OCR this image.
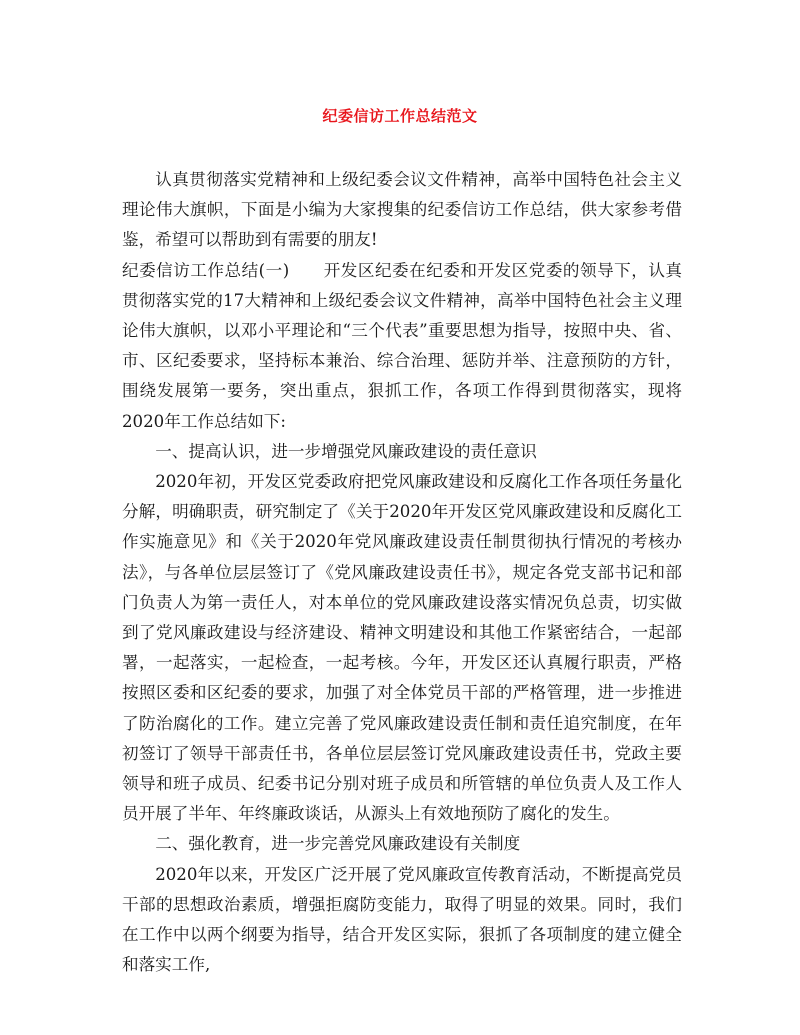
纪委信访工作总结范文

认真贯彻落实党精神和上级纪委会议文件精神，高举中国特色社会主义理论伟大旗帜，下面是小编为大家搜集的纪委信访工作总结，供大家参考借鉴，希望可以帮助到有需要的朋友!

纪委信访工作总结(一) 开发区纪委在纪委和开发区党委的领导下，认真贯彻落实党的17大精神和上级纪委会议文件精神，高举中国特色社会主义理论伟大旗帜，以邓小平理论和“三个代表”重要思想为指导，按照中央、省、市、区纪委要求，坚持标本兼治、综合治理、惩防并举、注意预防的方针，围绕发展第一要务，突出重点，狠抓工作，各项工作得到贯彻落实，现将2020年工作总结如下:

一、提高认识，进一步增强党风廉政建设的责任意识

2020年初，开发区党委政府把党风廉政建设和反腐化工作各项任务量化分解，明确职责，研究制定了《关于2020年开发区党风廉政建设和反腐化工作实施意见》和《关于2020年党风廉政建设责任制贯彻执行情况的考核办法》，与各单位层层签订了《党风廉政建设责任书》，规定各党支部书记和部门负责人为第一责任人，对本单位的党风廉政建设落实情况负总责，切实做到了党风廉政建设与经济建设、精神文明建设和其他工作紧密结合，一起部署，一起落实，一起检查，一起考核。今年，开发区还认真履行职责，严格按照区委和区纪委的要求，加强了对全体党员干部的严格管理，进一步推进了防治腐化的工作。建立完善了党风廉政建设责任制和责任追究制度，在年初签订了领导干部责任书，各单位层层签订党风廉政建设责任书，党政主要领导和班子成员、纪委书记分别对班子成员和所管辖的单位负责人及工作人员开展了半年、年终廉政谈话，从源头上有效地预防了腐化的发生。

二、强化教育，进一步完善党风廉政建设有关制度

2020年以来，开发区广泛开展了党风廉政宣传教育活动，不断提高党员干部的思想政治素质，增强拒腐防变能力，取得了明显的效果。同时，我们在工作中以两个纲要为指导，结合开发区实际，狠抓了各项制度的建立健全和落实工作,
